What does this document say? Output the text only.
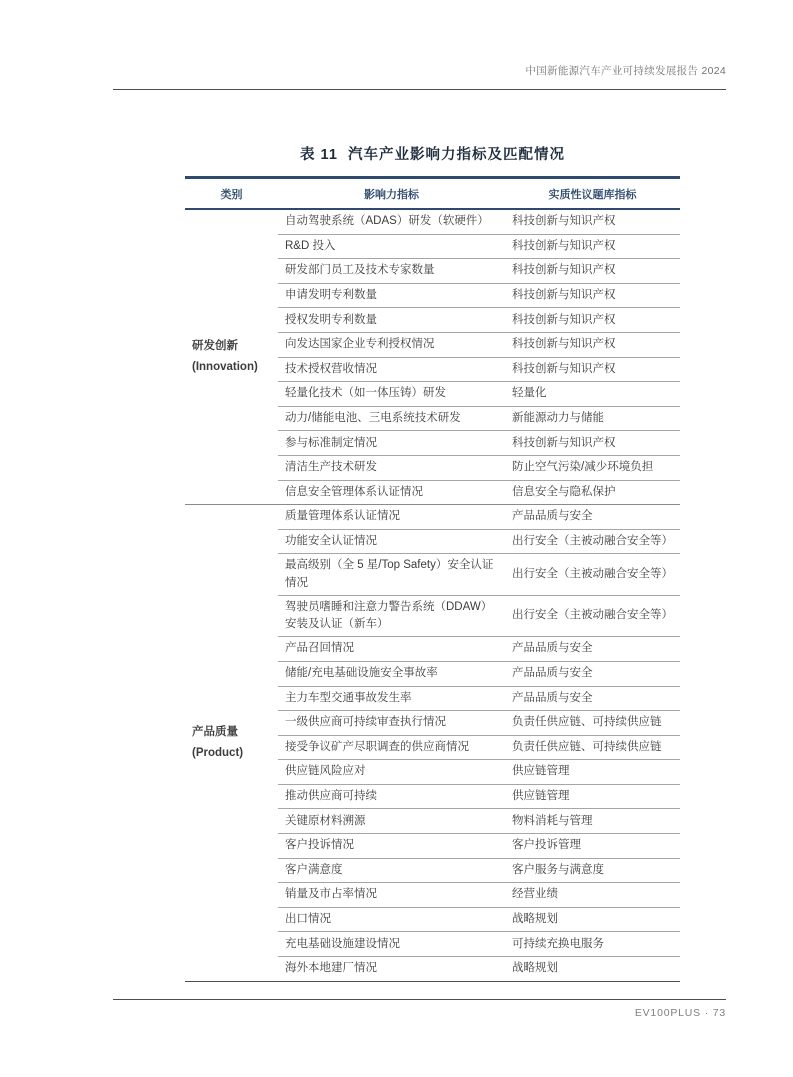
中国新能源汽车产业可持续发展报告 2024
表 11  汽车产业影响力指标及匹配情况
类别	影响力指标	实质性议题库指标

研发创新
(Innovation)	自动驾驶系统（ADAS）研发（软硬件）	科技创新与知识产权
	R&D 投入	科技创新与知识产权
	研发部门员工及技术专家数量	科技创新与知识产权
	申请发明专利数量	科技创新与知识产权
	授权发明专利数量	科技创新与知识产权
	向发达国家企业专利授权情况	科技创新与知识产权
	技术授权营收情况	科技创新与知识产权
	轻量化技术（如一体压铸）研发	轻量化
	动力/储能电池、三电系统技术研发	新能源动力与储能
	参与标准制定情况	科技创新与知识产权
	清洁生产技术研发	防止空气污染/减少环境负担
	信息安全管理体系认证情况	信息安全与隐私保护

产品质量
(Product)	质量管理体系认证情况	产品品质与安全
	功能安全认证情况	出行安全（主被动融合安全等）
	最高级别（全 5 星/Top Safety）安全认证情况	出行安全（主被动融合安全等）
	驾驶员嗜睡和注意力警告系统（DDAW）安装及认证（新车）	出行安全（主被动融合安全等）
	产品召回情况	产品品质与安全
	储能/充电基础设施安全事故率	产品品质与安全
	主力车型交通事故发生率	产品品质与安全
	一级供应商可持续审查执行情况	负责任供应链、可持续供应链
	接受争议矿产尽职调查的供应商情况	负责任供应链、可持续供应链
	供应链风险应对	供应链管理
	推动供应商可持续	供应链管理
	关键原材料溯源	物料消耗与管理
	客户投诉情况	客户投诉管理
	客户满意度	客户服务与满意度
	销量及市占率情况	经营业绩
	出口情况	战略规划
	充电基础设施建设情况	可持续充换电服务
	海外本地建厂情况	战略规划
EV100PLUS · 73
